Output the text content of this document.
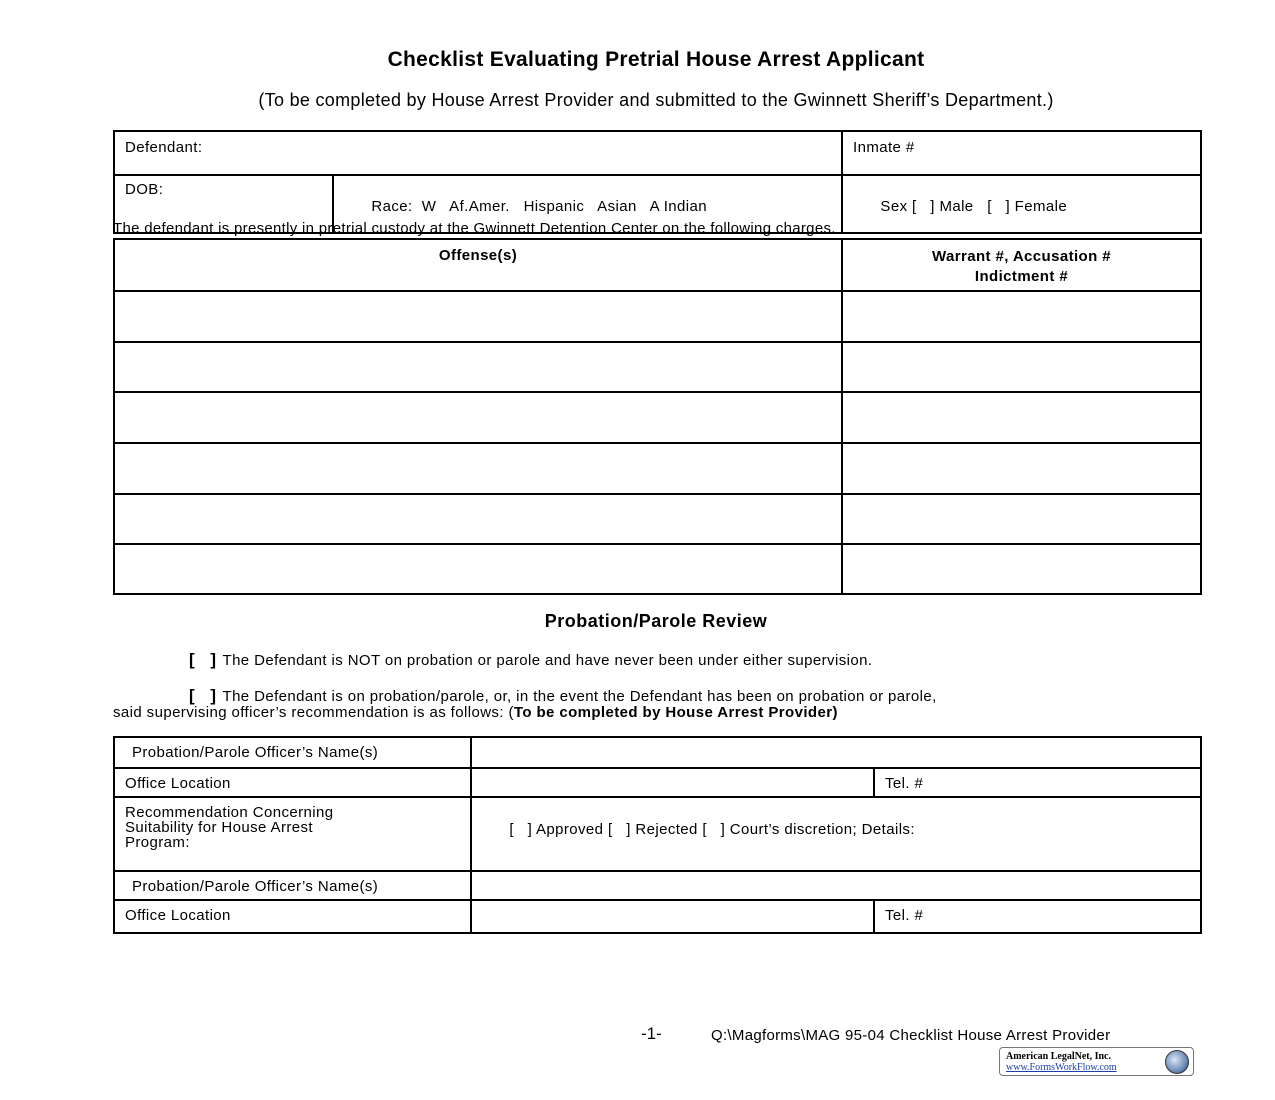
Checklist Evaluating Pretrial House Arrest Applicant
(To be completed by House Arrest Provider and submitted to the Gwinnett Sheriff’s Department.)
Defendant:		Inmate #
DOB:	Race:  W   Af.Amer.   Hispanic   Asian   A Indian	Sex [   ] Male   [   ] Female

The defendant is presently in pretrial custody at the Gwinnett Detention Center on the following charges.
Offense(s)	Warrant #, Accusation #
Indictment #

Probation/Parole Review
[   ] The Defendant is NOT on probation or parole and have never been under either supervision.
[   ] The Defendant is on probation/parole, or, in the event the Defendant has been on probation or parole,
said supervising officer’s recommendation is as follows: (To be completed by House Arrest Provider)
Probation/Parole Officer’s Name(s)		
Office Location		Tel. #

Recommendation Concerning
Suitability for House Arrest
Program:	[   ] Approved [   ] Rejected [   ] Court’s discretion; Details:	

Probation/Parole Officer’s Name(s)		
Office Location		Tel. #
-1-	Q:\Magforms\MAG 95-04 Checklist House Arrest Provider
American LegalNet, Inc.
www.FormsWorkFlow.com
